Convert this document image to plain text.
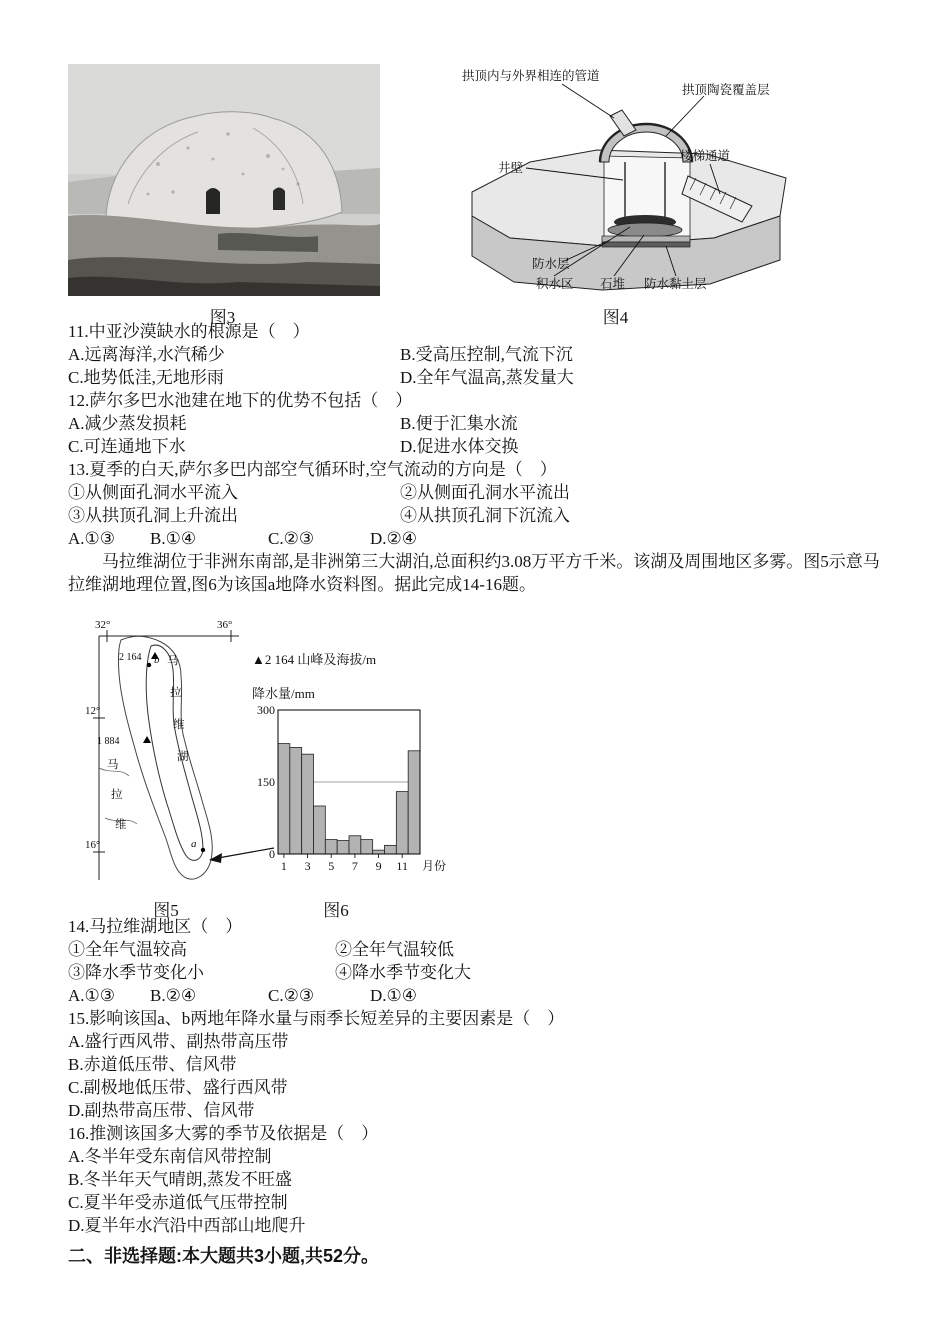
拱顶内与外界相连的管道
拱顶陶瓷覆盖层
井壁
楼梯通道
防水层
积水区 石堆 防水黏土层
图3	图4
11.中亚沙漠缺水的根源是（　）
A.远离海洋,水汽稀少	B.受高压控制,气流下沉
C.地势低洼,无地形雨	D.全年气温高,蒸发量大
12.萨尔多巴水池建在地下的优势不包括（　）
A.减少蒸发损耗	B.便于汇集水流
C.可连通地下水	D.促进水体交换
13.夏季的白天,萨尔多巴内部空气循环时,空气流动的方向是（　）
①从侧面孔洞水平流入	②从侧面孔洞水平流出
③从拱顶孔洞上升流出	④从拱顶孔洞下沉流入
A.①③ B.①④	C.②③	D.②④
马拉维湖位于非洲东南部,是非洲第三大湖泊,总面积约3.08万平方千米。该湖及周围地区多雾。图5示意马拉维湖地理位置,图6为该国a地降水资料图。据此完成14-16题。
32°	36°
12°
16°
2 164 b
1 884
马
拉
维
湖
马
拉
维
a
▲2 164 山峰及海拔/m
降水量/mm
300
150
0
1 3 5 7 9 11 月份
图5	图6
14.马拉维湖地区（　）
①全年气温较高	②全年气温较低
③降水季节变化小	④降水季节变化大
A.①③ B.②④	C.②③	D.①④
15.影响该国a、b两地年降水量与雨季长短差异的主要因素是（　）
A.盛行西风带、副热带高压带
B.赤道低压带、信风带
C.副极地低压带、盛行西风带
D.副热带高压带、信风带
16.推测该国多大雾的季节及依据是（　）
A.冬半年受东南信风带控制
B.冬半年天气晴朗,蒸发不旺盛
C.夏半年受赤道低气压带控制
D.夏半年水汽沿中西部山地爬升
二、非选择题:本大题共3小题,共52分。
